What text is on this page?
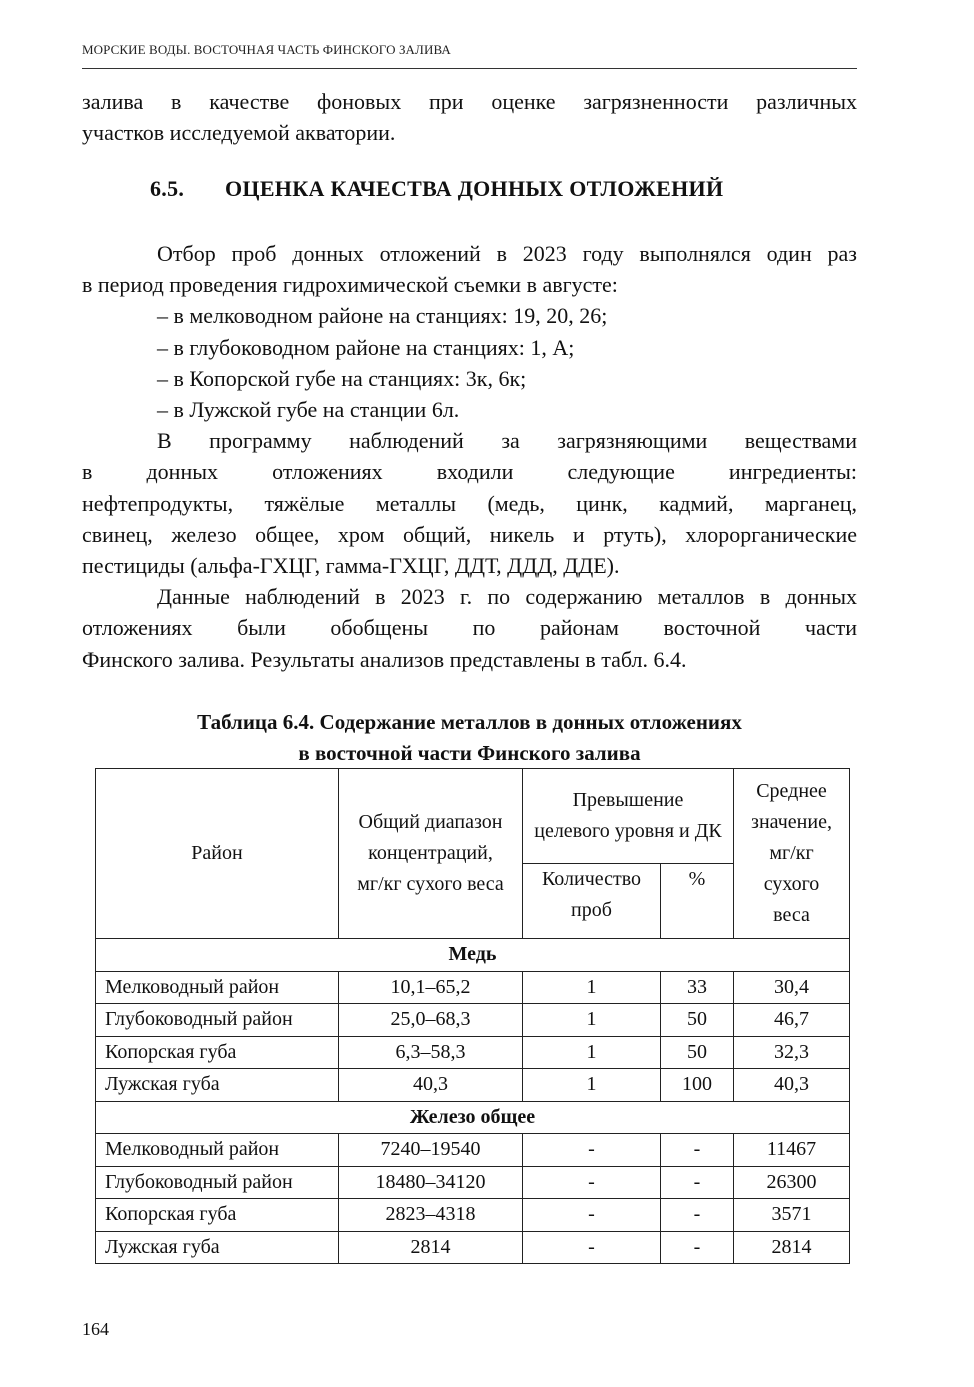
МОРСКИЕ ВОДЫ. ВОСТОЧНАЯ ЧАСТЬ ФИНСКОГО ЗАЛИВА
залива в качестве фоновых при оценке загрязненности различных
участков исследуемой акватории.
6.5. ОЦЕНКА КАЧЕСТВА ДОННЫХ ОТЛОЖЕНИЙ
Отбор проб донных отложений в 2023 году выполнялся один раз
в период проведения гидрохимической съемки в августе:
– в мелководном районе на станциях: 19, 20, 26;
– в глубоководном районе на станциях: 1, А;
– в Копорской губе на станциях: 3к, 6к;
– в Лужской губе на станции 6л.
В программу наблюдений за загрязняющими веществами
в донных отложениях входили следующие ингредиенты:
нефтепродукты, тяжёлые металлы (медь, цинк, кадмий, марганец,
свинец, железо общее, хром общий, никель и ртуть), хлорорганические
пестициды (альфа-ГХЦГ, гамма-ГХЦГ, ДДТ, ДДД, ДДЕ).
Данные наблюдений в 2023 г. по содержанию металлов в донных
отложениях были обобщены по районам восточной части
Финского залива. Результаты анализов представлены в табл. 6.4.
Таблица 6.4. Содержание металлов в донных отложениях
в восточной части Финского залива
Район	Общий диапазон концентраций, мг/кг сухого веса	Превышение целевого уровня и ДК		Среднее значение, мг/кг сухого веса
		Количество проб	%	
Медь				
Мелководный район	10,1–65,2	1	33	30,4
Глубоководный район	25,0–68,3	1	50	46,7
Копорская губа	6,3–58,3	1	50	32,3
Лужская губа	40,3	1	100	40,3
Железо общее				
Мелководный район	7240–19540	-	-	11467
Глубоководный район	18480–34120	-	-	26300
Копорская губа	2823–4318	-	-	3571
Лужская губа	2814	-	-	2814
164
